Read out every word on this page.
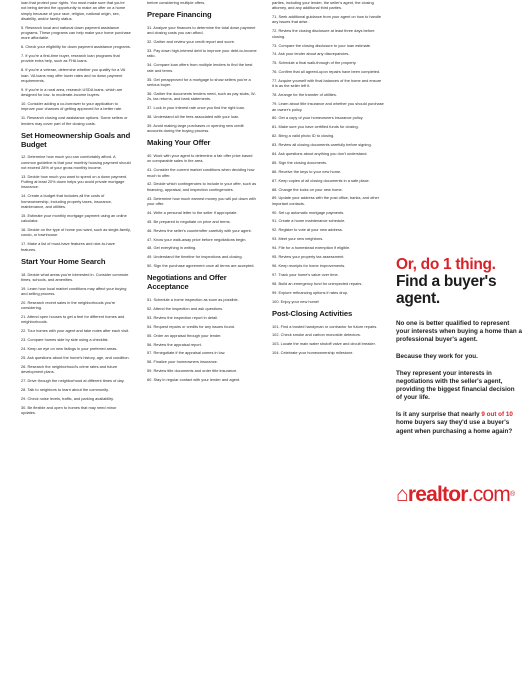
loan that protect your rights. You must make sure that you're not being denied the opportunity to make an offer on a home simply because of your race, religion, national origin, sex, disability, and/or family status.
5. Research local and national down payment assistance programs. These programs can help make your home purchase more affordable.
6. Check your eligibility for down payment assistance programs.
7. If you're a first-time buyer, research loan programs that provide extra help, such as FHA loans.
8. If you're a veteran, determine whether you qualify for a VA loan. VA loans may offer lower rates and no down payment requirements.
9. If you're in a rural area, research USDA loans, which are designed for low- to moderate-income buyers.
10. Consider adding a co-borrower to your application to improve your chances of getting approved for a better rate.
11. Research closing cost assistance options. Some sellers or lenders may cover part of the closing costs.
Set Homeownership Goals and Budget
12. Determine how much you can comfortably afford. A common guideline is that your monthly housing payment should not exceed 28% of your gross monthly income.
13. Decide how much you want to spend on a down payment. Putting at least 20% down helps you avoid private mortgage insurance.
14. Create a budget that includes all the costs of homeownership, including property taxes, insurance, maintenance, and utilities.
15. Estimate your monthly mortgage payment using an online calculator.
16. Decide on the type of home you want, such as single-family, condo, or townhouse.
17. Make a list of must-have features and nice-to-have features.
Start Your Home Search
18. Decide what areas you're interested in. Consider commute times, schools, and amenities.
19. Learn how local market conditions may affect your buying and selling process.
20. Research recent sales in the neighborhoods you're considering.
21. Attend open houses to get a feel for different homes and neighborhoods.
22. Tour homes with your agent and take notes after each visit.
23. Compare homes side by side using a checklist.
24. Keep an eye on new listings in your preferred areas.
25. Ask questions about the home's history, age, and condition.
26. Research the neighborhood's crime rates and future development plans.
27. Drive through the neighborhood at different times of day.
28. Talk to neighbors to learn about the community.
29. Check noise levels, traffic, and parking availability.
30. Be flexible and open to homes that may need minor updates.
before considering multiple offers.
Prepare Financing
31. Analyze your finances to determine the total down payment and closing costs you can afford.
32. Gather and review your credit report and score.
33. Pay down high-interest debt to improve your debt-to-income ratio.
34. Compare loan offers from multiple lenders to find the best rate and terms.
35. Get preapproved for a mortgage to show sellers you're a serious buyer.
36. Gather the documents lenders need, such as pay stubs, W-2s, tax returns, and bank statements.
37. Lock in your interest rate once you find the right loan.
38. Understand all the fees associated with your loan.
39. Avoid making large purchases or opening new credit accounts during the buying process.
Making Your Offer
40. Work with your agent to determine a fair offer price based on comparable sales in the area.
41. Consider the current market conditions when deciding how much to offer.
42. Decide which contingencies to include in your offer, such as financing, appraisal, and inspection contingencies.
43. Determine how much earnest money you will put down with your offer.
44. Write a personal letter to the seller if appropriate.
45. Be prepared to negotiate on price and terms.
46. Review the seller's counteroffer carefully with your agent.
47. Know your walk-away price before negotiations begin.
48. Get everything in writing.
49. Understand the timeline for inspections and closing.
50. Sign the purchase agreement once all terms are accepted.
Negotiations and Offer Acceptance
51. Schedule a home inspection as soon as possible.
52. Attend the inspection and ask questions.
53. Review the inspection report in detail.
54. Request repairs or credits for any issues found.
55. Order an appraisal through your lender.
56. Review the appraisal report.
57. Renegotiate if the appraisal comes in low.
58. Finalize your homeowners insurance.
59. Review title documents and order title insurance.
60. Stay in regular contact with your lender and agent.
parties, including your lender, the seller's agent, the closing attorney, and any additional third parties.
71. Seek additional guidance from your agent on how to handle any issues that arise.
72. Review the closing disclosure at least three days before closing.
73. Compare the closing disclosure to your loan estimate.
74. Ask your lender about any discrepancies.
75. Schedule a final walk-through of the property.
76. Confirm that all agreed-upon repairs have been completed.
77. Acquire yourself with final balances of the home and ensure it is as the seller left it.
78. Arrange for the transfer of utilities.
79. Learn about title insurance and whether you should purchase an owner's policy.
80. Get a copy of your homeowners insurance policy.
81. Make sure you have certified funds for closing.
82. Bring a valid photo ID to closing.
83. Review all closing documents carefully before signing.
84. Ask questions about anything you don't understand.
85. Sign the closing documents.
86. Receive the keys to your new home.
87. Keep copies of all closing documents in a safe place.
88. Change the locks on your new home.
89. Update your address with the post office, banks, and other important contacts.
90. Set up automatic mortgage payments.
91. Create a home maintenance schedule.
92. Register to vote at your new address.
93. Meet your new neighbors.
94. File for a homestead exemption if eligible.
95. Review your property tax assessment.
96. Keep receipts for home improvements.
97. Track your home's value over time.
98. Build an emergency fund for unexpected repairs.
99. Explore refinancing options if rates drop.
100. Enjoy your new home!
Post-Closing Activities
101. Find a trusted handyman or contractor for future repairs.
102. Check smoke and carbon monoxide detectors.
103. Locate the main water shutoff valve and circuit breaker.
104. Celebrate your homeownership milestone.
Or, do 1 thing.
Find a buyer's agent.
No one is better qualified to represent your interests when buying a home than a professional buyer's agent.
Because they work for you.
They represent your interests in negotiations with the seller's agent, providing the biggest financial decision of your life.
Is it any surprise that nearly 9 out of 10 home buyers say they'd use a buyer's agent when purchasing a home again?
⌂realtor.com®
